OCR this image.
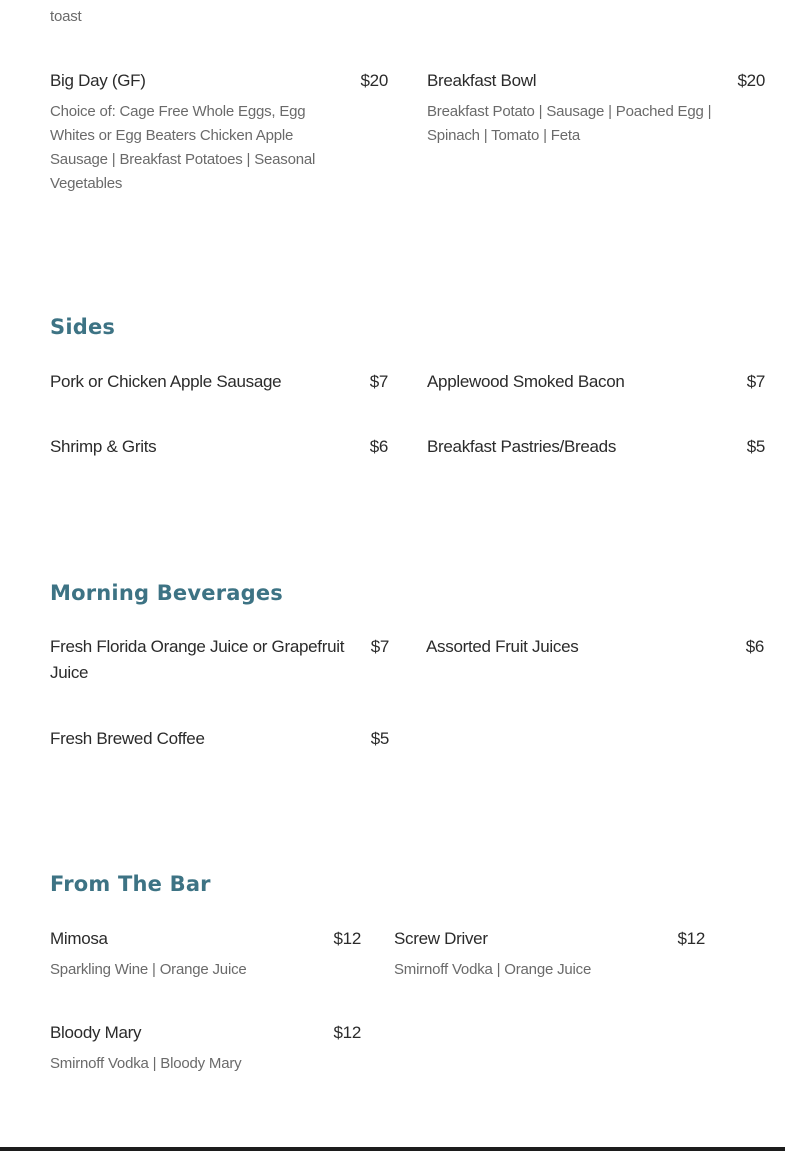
toast
Big Day (GF)	$20
Choice of: Cage Free Whole Eggs, Egg Whites or Egg Beaters Chicken Apple Sausage | Breakfast Potatoes | Seasonal Vegetables
Breakfast Bowl	$20
Breakfast Potato | Sausage | Poached Egg | Spinach | Tomato | Feta
Sides
Pork or Chicken Apple Sausage	$7 Applewood Smoked Bacon	$7
Shrimp & Grits	$6 Breakfast Pastries/Breads	$5
Morning Beverages
Fresh Florida Orange Juice or Grapefruit Juice
$7 Assorted Fruit Juices	$6
Fresh Brewed Coffee	$5
From The Bar
Mimosa	$12
Sparkling Wine | Orange Juice
Screw Driver	$12
Smirnoff Vodka | Orange Juice
Bloody Mary	$12
Smirnoff Vodka | Bloody Mary
